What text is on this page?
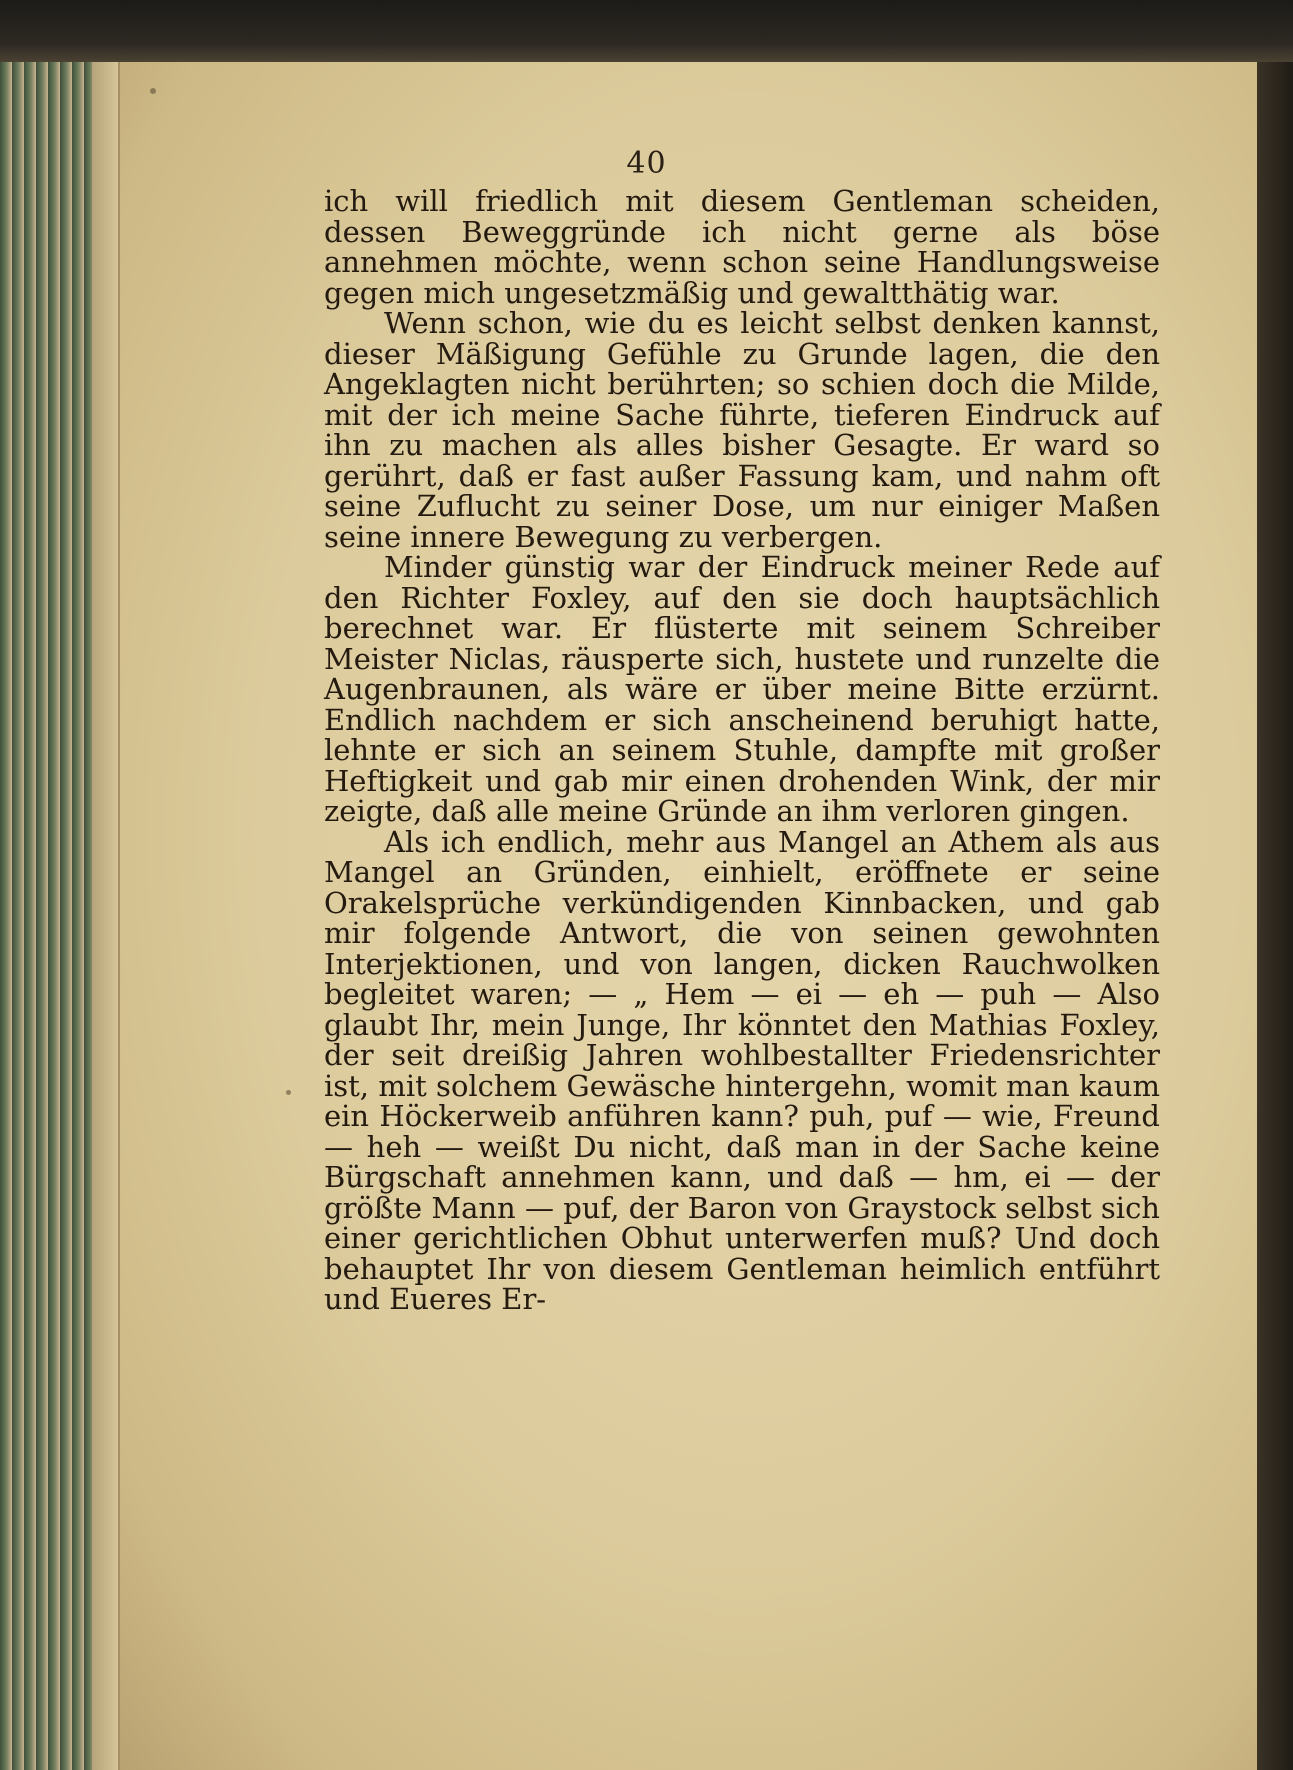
40

ich will friedlich mit diesem Gentleman scheiden, dessen Beweggründe ich nicht gerne als böse annehmen möchte, wenn schon seine Handlungsweise gegen mich ungesetzmäßig und gewaltthätig war.

Wenn schon, wie du es leicht selbst denken kannst, dieser Mäßigung Gefühle zu Grunde lagen, die den Angeklagten nicht berührten; so schien doch die Milde, mit der ich meine Sache führte, tieferen Eindruck auf ihn zu machen als alles bisher Gesagte. Er ward so gerührt, daß er fast außer Fassung kam, und nahm oft seine Zuflucht zu seiner Dose, um nur einiger Maßen seine innere Bewegung zu verbergen.

Minder günstig war der Eindruck meiner Rede auf den Richter Foxley, auf den sie doch hauptsächlich berechnet war. Er flüsterte mit seinem Schreiber Meister Niclas, räusperte sich, hustete und runzelte die Augenbraunen, als wäre er über meine Bitte erzürnt. Endlich nachdem er sich anscheinend beruhigt hatte, lehnte er sich an seinem Stuhle, dampfte mit großer Heftigkeit und gab mir einen drohenden Wink, der mir zeigte, daß alle meine Gründe an ihm verloren gingen.

Als ich endlich, mehr aus Mangel an Athem als aus Mangel an Gründen, einhielt, eröffnete er seine Orakelsprüche verkündigenden Kinnbacken, und gab mir folgende Antwort, die von seinen gewohnten Interjektionen, und von langen, dicken Rauchwolken begleitet waren; — „ Hem — ei — eh — puh — Also glaubt Ihr, mein Junge, Ihr könntet den Mathias Foxley, der seit dreißig Jahren wohlbestallter Friedensrichter ist, mit solchem Gewäsche hintergehn, womit man kaum ein Höckerweib anführen kann? puh, puf — wie, Freund — heh — weißt Du nicht, daß man in der Sache keine Bürgschaft annehmen kann, und daß — hm, ei — der größte Mann — puf, der Baron von Graystock selbst sich einer gerichtlichen Obhut unterwerfen muß? Und doch behauptet Ihr von diesem Gentleman heimlich entführt und Eueres Er-
